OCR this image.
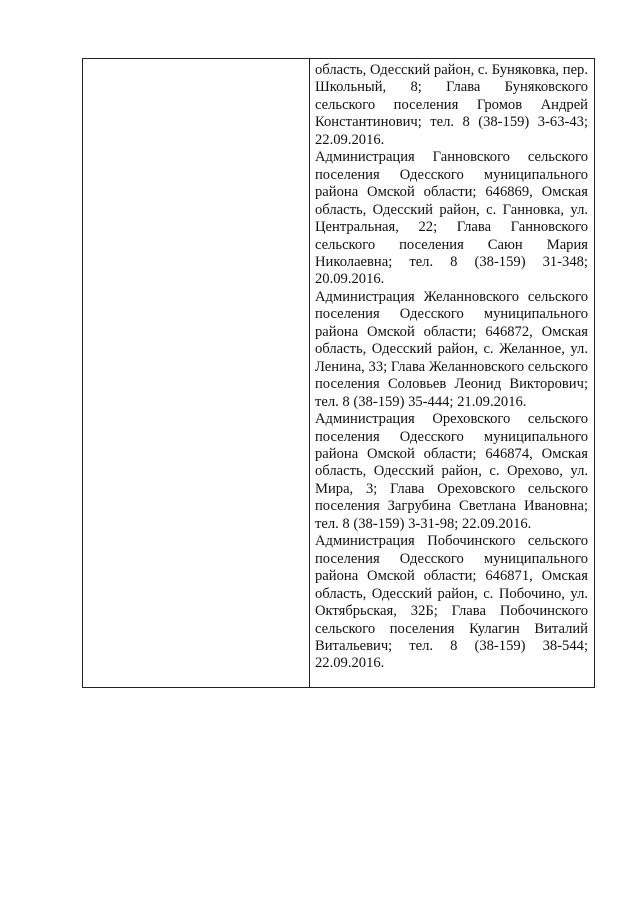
область, Одесский район, с. Буняковка, пер. Школьный, 8; Глава Буняковского сельского поселения Громов Андрей Константинович; тел. 8 (38-159) 3-63-43; 22.09.2016.

Администрация Ганновского сельского поселения Одесского муниципального района Омской области; 646869, Омская область, Одесский район, с. Ганновка, ул. Центральная, 22; Глава Ганновского сельского поселения Саюн Мария Николаевна; тел. 8 (38-159) 31-348; 20.09.2016.

Администрация Желанновского сельского поселения Одесского муниципального района Омской области; 646872, Омская область, Одесский район, с. Желанное, ул. Ленина, 33; Глава Желанновского сельского поселения Соловьев Леонид Викторович; тел. 8 (38-159) 35-444; 21.09.2016.

Администрация Ореховского сельского поселения Одесского муниципального района Омской области; 646874, Омская область, Одесский район, с. Орехово, ул. Мира, 3; Глава Ореховского сельского поселения Загрубина Светлана Ивановна; тел. 8 (38-159) 3-31-98; 22.09.2016.

Администрация Побочинского сельского поселения Одесского муниципального района Омской области; 646871, Омская область, Одесский район, с. Побочино, ул. Октябрьская, 32Б; Глава Побочинского сельского поселения Кулагин Виталий Витальевич; тел. 8 (38-159) 38-544; 22.09.2016.
